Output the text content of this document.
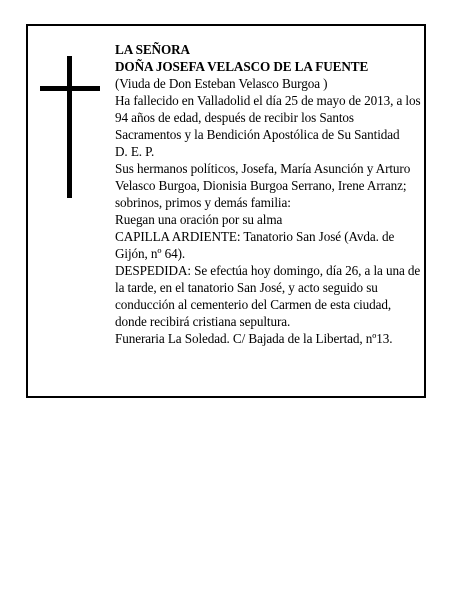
LA SEÑORA

DOÑA JOSEFA VELASCO DE LA FUENTE

(Viuda de Don Esteban Velasco Burgoa )

Ha fallecido en Valladolid el día 25 de mayo de 2013, a los 94 años de edad, después de recibir los Santos Sacramentos y la Bendición Apostólica de Su Santidad

D. E. P.

Sus hermanos políticos, Josefa, María Asunción y Arturo Velasco Burgoa, Dionisia Burgoa Serrano, Irene Arranz; sobrinos, primos y demás familia:

Ruegan una oración por su alma

CAPILLA ARDIENTE: Tanatorio San José (Avda. de Gijón, nº 64).

DESPEDIDA: Se efectúa hoy domingo, día 26, a la una de la tarde, en el tanatorio San José, y acto seguido su conducción al cementerio del Carmen de esta ciudad, donde recibirá cristiana sepultura.

Funeraria La Soledad. C/ Bajada de la Libertad, nº13.
